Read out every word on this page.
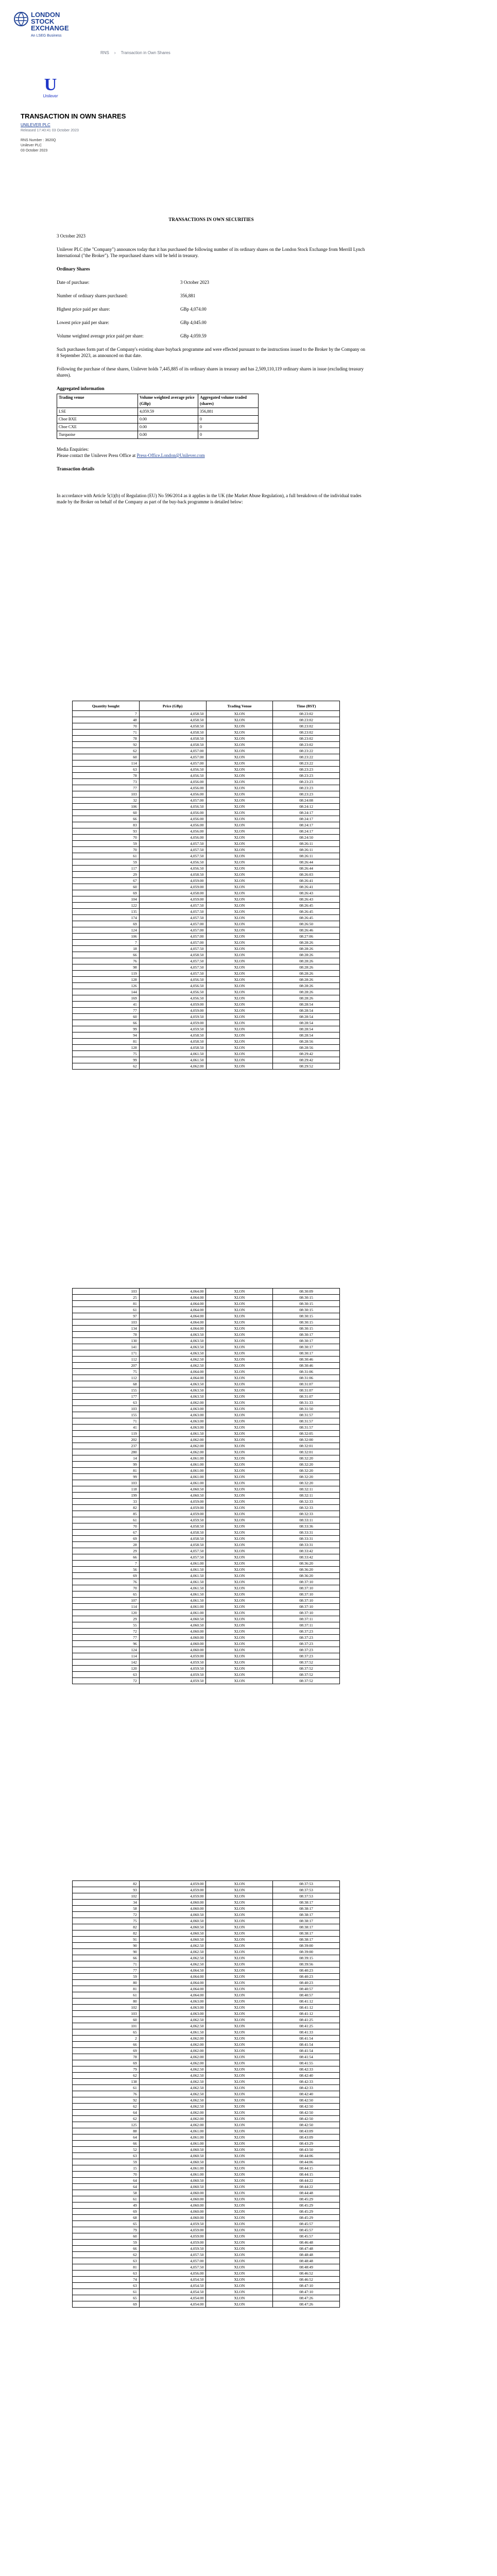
LONDON
STOCK
EXCHANGE
An LSEG Business
RNS › Transaction in Own Shares
U
Unilever
TRANSACTION IN OWN SHARES
UNILEVER PLC
Released 17:40:41 03 October 2023
RNS Number : 3620Q
Unilever PLC
03 October 2023
TRANSACTIONS IN OWN SECURITIES

3 October 2023

Unilever PLC (the "Company") announces today that it has purchased the following number of its ordinary shares on the London Stock Exchange from Merrill Lynch International ("the Broker"). The repurchased shares will be held in treasury.

Ordinary Shares

Date of purchase:	3 October 2023
Number of ordinary shares purchased:	356,881
Highest price paid per share:	GBp 4,074.00
Lowest price paid per share:	GBp 4,045.00
Volume weighted average price paid per share:	GBp 4,059.59

Such purchases form part of the Company's existing share buyback programme and were effected pursuant to the instructions issued to the Broker by the Company on 8 September 2023, as announced on that date.

Following the purchase of these shares, Unilever holds 7,445,885 of its ordinary shares in treasury and has 2,509,110,119 ordinary shares in issue (excluding treasury shares).

Aggregated information

Trading venue	Volume weighted average price (GBp)	Aggregated volume traded (shares)
LSE	4,059.59	356,881
Cboe BXE	0.00	0
Cboe CXE	0.00	0
Turquoise	0.00	0

Media Enquiries:

Please contact the Unilever Press Office at Press-Office.London@Unilever.com

Transaction details

In accordance with Article 5(1)(b) of Regulation (EU) No 596/2014 as it applies in the UK (the Market Abuse Regulation), a full breakdown of the individual trades made by the Broker on behalf of the Company as part of the buy-back programme is detailed below:

Quantity bought	Price (GBp)	Trading Venue	Time (BST)
7	4,058.50	XLON	08:23:02
48	4,058.50	XLON	08:23:02
70	4,058.50	XLON	08:23:02
71	4,058.50	XLON	08:23:02
78	4,058.50	XLON	08:23:02
92	4,058.50	XLON	08:23:02
62	4,057.00	XLON	08:23:22
60	4,057.00	XLON	08:23:22
114	4,057.00	XLON	08:23:22
63	4,056.50	XLON	08:23:23
78	4,056.50	XLON	08:23:23
73	4,056.00	XLON	08:23:23
77	4,056.00	XLON	08:23:23
103	4,056.00	XLON	08:23:23
32	4,057.00	XLON	08:24:08
106	4,056.50	XLON	08:24:12
60	4,056.00	XLON	08:24:17
66	4,056.00	XLON	08:24:17
83	4,056.00	XLON	08:24:17
93	4,056.00	XLON	08:24:17
70	4,056.00	XLON	08:24:50
59	4,057.50	XLON	08:26:11
70	4,057.50	XLON	08:26:11
61	4,057.50	XLON	08:26:11
59	4,056.50	XLON	08:26:44
117	4,056.50	XLON	08:26:44
29	4,058.50	XLON	08:26:03
67	4,059.00	XLON	08:26:41
60	4,059.00	XLON	08:26:41
69	4,058.00	XLON	08:26:43
104	4,059.00	XLON	08:26:43
122	4,057.50	XLON	08:26:45
135	4,057.50	XLON	08:26:45
174	4,057.50	XLON	08:26:45
69	4,057.00	XLON	08:26:50
124	4,057.00	XLON	08:26:46
106	4,057.00	XLON	08:27:06
7	4,057.00	XLON	08:28:26
18	4,057.50	XLON	08:28:26
66	4,058.50	XLON	08:28:26
76	4,057.50	XLON	08:28:26
98	4,057.50	XLON	08:28:26
119	4,057.50	XLON	08:28:26
128	4,056.50	XLON	08:28:26
126	4,056.50	XLON	08:28:26
144	4,056.50	XLON	08:28:26
169	4,056.50	XLON	08:28:26
41	4,059.00	XLON	08:28:54
77	4,059.00	XLON	08:28:54
60	4,059.50	XLON	08:28:54
66	4,059.00	XLON	08:28:54
99	4,059.50	XLON	08:28:54
94	4,058.50	XLON	08:28:54
81	4,058.50	XLON	08:28:56
128	4,058.50	XLON	08:28:56
75	4,061.50	XLON	08:29:42
99	4,061.50	XLON	08:29:42
62	4,062.00	XLON	08:29:52
103	4,064.00	XLON	08:30:09
25	4,064.00	XLON	08:30:15
81	4,064.00	XLON	08:30:15
61	4,064.00	XLON	08:30:15
97	4,064.00	XLON	08:30:15
103	4,064.00	XLON	08:30:15
134	4,064.00	XLON	08:30:15
78	4,063.50	XLON	08:30:17
130	4,063.50	XLON	08:30:17
141	4,063.50	XLON	08:30:17
171	4,063.50	XLON	08:30:17
112	4,062.50	XLON	08:30:46
207	4,062.50	XLON	08:30:46
75	4,064.00	XLON	08:31:06
112	4,064.00	XLON	08:31:06
68	4,063.50	XLON	08:31:07
155	4,063.50	XLON	08:31:07
177	4,063.50	XLON	08:31:07
63	4,062.00	XLON	08:31:33
103	4,063.00	XLON	08:31:50
155	4,063.00	XLON	08:31:57
71	4,063.00	XLON	08:31:57
41	4,063.00	XLON	08:31:57
119	4,061.50	XLON	08:32:05
202	4,062.00	XLON	08:32:00
237	4,062.00	XLON	08:32:01
280	4,062.00	XLON	08:32:01
14	4,061.00	XLON	08:32:20
99	4,061.00	XLON	08:32:20
81	4,061.00	XLON	08:32:20
99	4,061.00	XLON	08:32:20
103	4,061.00	XLON	08:32:20
118	4,060.50	XLON	08:32:11
199	4,060.50	XLON	08:32:11
33	4,059.00	XLON	08:32:33
82	4,059.00	XLON	08:32:33
85	4,059.00	XLON	08:32:33
61	4,059.50	XLON	08:33:11
70	4,058.50	XLON	08:33:36
67	4,058.50	XLON	08:33:31
69	4,058.50	XLON	08:33:31
28	4,058.50	XLON	08:33:31
29	4,057.50	XLON	08:33:42
66	4,057.50	XLON	08:33:42
7	4,061.00	XLON	08:36:20
56	4,061.50	XLON	08:36:20
69	4,061.50	XLON	08:36:20
76	4,061.50	XLON	08:37:10
70	4,061.50	XLON	08:37:10
65	4,061.50	XLON	08:37:10
107	4,061.50	XLON	08:37:10
114	4,061.00	XLON	08:37:10
120	4,061.00	XLON	08:37:10
29	4,060.50	XLON	08:37:11
55	4,060.50	XLON	08:37:11
72	4,060.00	XLON	08:37:23
77	4,060.00	XLON	08:37:23
96	4,060.00	XLON	08:37:23
124	4,060.00	XLON	08:37:23
114	4,059.00	XLON	08:37:23
142	4,059.50	XLON	08:37:52
120	4,059.50	XLON	08:37:52
63	4,059.50	XLON	08:37:52
72	4,059.50	XLON	08:37:52
82	4,059.00	XLON	08:37:53
93	4,059.00	XLON	08:37:53
102	4,059.00	XLON	08:37:53
34	4,060.00	XLON	08:38:17
58	4,060.00	XLON	08:38:17
72	4,060.50	XLON	08:38:17
75	4,060.50	XLON	08:38:17
82	4,060.50	XLON	08:38:17
82	4,060.50	XLON	08:38:17
91	4,060.50	XLON	08:38:17
90	4,062.50	XLON	08:39:00
90	4,062.50	XLON	08:39:00
66	4,062.50	XLON	08:39:15
71	4,062.50	XLON	08:39:56
77	4,064.50	XLON	08:40:23
59	4,064.00	XLON	08:40:23
80	4,064.00	XLON	08:40:23
81	4,064.00	XLON	08:40:57
61	4,064.00	XLON	08:40:57
80	4,063.00	XLON	08:41:12
102	4,063.00	XLON	08:41:12
103	4,063.00	XLON	08:41:12
60	4,062.50	XLON	08:41:25
101	4,062.50	XLON	08:41:25
65	4,061.50	XLON	08:41:33
2	4,062.00	XLON	08:41:54
66	4,062.00	XLON	08:41:54
69	4,062.00	XLON	08:41:54
78	4,062.00	XLON	08:41:54
69	4,062.00	XLON	08:41:55
79	4,062.50	XLON	08:42:33
62	4,062.50	XLON	08:42:40
138	4,062.50	XLON	08:42:33
61	4,062.50	XLON	08:42:33
76	4,062.50	XLON	08:42:40
92	4,062.50	XLON	08:42:50
62	4,062.50	XLON	08:42:50
64	4,062.00	XLON	08:42:50
62	4,062.00	XLON	08:42:50
125	4,062.00	XLON	08:42:50
88	4,061.00	XLON	08:43:09
64	4,061.00	XLON	08:43:09
66	4,061.00	XLON	08:43:29
52	4,060.50	XLON	08:43:50
63	4,060.50	XLON	08:44:06
59	4,060.50	XLON	08:44:06
15	4,061.00	XLON	08:44:15
70	4,061.00	XLON	08:44:15
64	4,060.50	XLON	08:44:22
64	4,060.50	XLON	08:44:22
58	4,060.00	XLON	08:44:48
61	4,060.00	XLON	08:45:29
49	4,060.00	XLON	08:45:29
69	4,060.00	XLON	08:45:29
68	4,060.00	XLON	08:45:29
65	4,059.50	XLON	08:45:57
79	4,059.00	XLON	08:45:57
60	4,059.00	XLON	08:45:57
59	4,059.00	XLON	08:46:48
66	4,059.50	XLON	08:47:48
62	4,057.50	XLON	08:48:48
63	4,057.00	XLON	08:48:48
81	4,057.50	XLON	08:48:49
63	4,056.00	XLON	08:46:52
74	4,054.50	XLON	08:46:52
63	4,054.50	XLON	08:47:10
61	4,054.50	XLON	08:47:10
65	4,054.00	XLON	08:47:26
69	4,054.00	XLON	08:47:26
